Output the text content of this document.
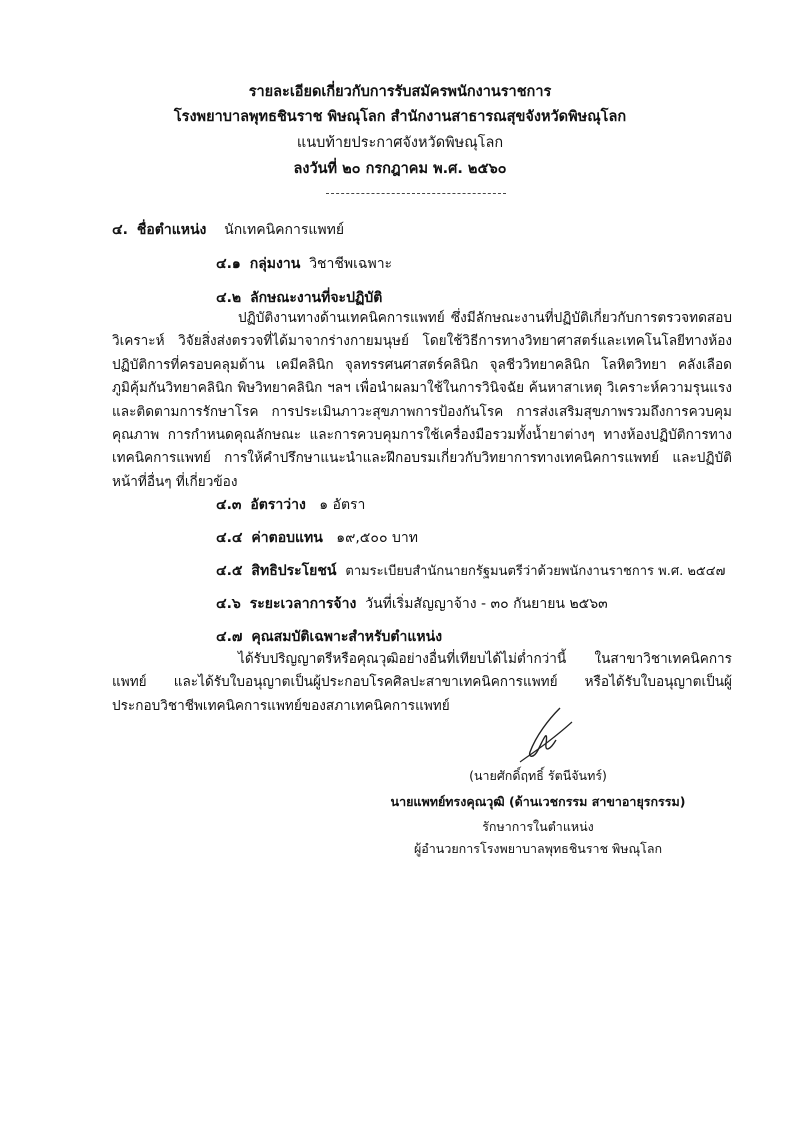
รายละเอียดเกี่ยวกับการรับสมัครพนักงานราชการ
โรงพยาบาลพุทธชินราช พิษณุโลก สำนักงานสาธารณสุขจังหวัดพิษณุโลก
แนบท้ายประกาศจังหวัดพิษณุโลก
ลงวันที่ ๒๐ กรกฎาคม พ.ศ. ๒๕๖๐
๔. ชื่อตำแหน่ง นักเทคนิคการแพทย์
๔.๑ กลุ่มงาน วิชาชีพเฉพาะ
๔.๒ ลักษณะงานที่จะปฏิบัติ
ปฏิบัติงานทางด้านเทคนิคการแพทย์ ซึ่งมีลักษณะงานที่ปฏิบัติเกี่ยวกับการตรวจทดสอบ วิเคราะห์ วิจัยสิ่งส่งตรวจที่ได้มาจากร่างกายมนุษย์ โดยใช้วิธีการทางวิทยาศาสตร์และเทคโนโลยีทางห้องปฏิบัติการที่ครอบคลุมด้าน เคมีคลินิก จุลทรรศนศาสตร์คลินิก จุลชีววิทยาคลินิก โลหิตวิทยา คลังเลือด ภูมิคุ้มกันวิทยาคลินิก พิษวิทยาคลินิก ฯลฯ เพื่อนำผลมาใช้ในการวินิจฉัย ค้นหาสาเหตุ วิเคราะห์ความรุนแรงและติดตามการรักษาโรค การประเมินภาวะสุขภาพการป้องกันโรค การส่งเสริมสุขภาพรวมถึงการควบคุมคุณภาพ การกำหนดคุณลักษณะ และการควบคุมการใช้เครื่องมือรวมทั้งน้ำยาต่างๆ ทางห้องปฏิบัติการทางเทคนิคการแพทย์ การให้คำปรึกษาแนะนำและฝึกอบรมเกี่ยวกับวิทยาการทางเทคนิคการแพทย์ และปฏิบัติหน้าที่อื่นๆ ที่เกี่ยวข้อง
๔.๓ อัตราว่าง ๑ อัตรา
๔.๔ ค่าตอบแทน ๑๙,๕๐๐ บาท
๔.๕ สิทธิประโยชน์ ตามระเบียบสำนักนายกรัฐมนตรีว่าด้วยพนักงานราชการ พ.ศ. ๒๕๔๗
๔.๖ ระยะเวลาการจ้าง วันที่เริ่มสัญญาจ้าง - ๓๐ กันยายน ๒๕๖๓
๔.๗ คุณสมบัติเฉพาะสำหรับตำแหน่ง
ได้รับปริญญาตรีหรือคุณวุฒิอย่างอื่นที่เทียบได้ไม่ต่ำกว่านี้ ในสาขาวิชาเทคนิคการแพทย์ และได้รับใบอนุญาตเป็นผู้ประกอบโรคศิลปะสาขาเทคนิคการแพทย์ หรือได้รับใบอนุญาตเป็นผู้ประกอบวิชาชีพเทคนิคการแพทย์ของสภาเทคนิคการแพทย์
(นายศักดิ์ฤทธิ์ รัตนีจันทร์)
นายแพทย์ทรงคุณวุฒิ (ด้านเวชกรรม สาขาอายุรกรรม)
รักษาการในตำแหน่ง
ผู้อำนวยการโรงพยาบาลพุทธชินราช พิษณุโลก
